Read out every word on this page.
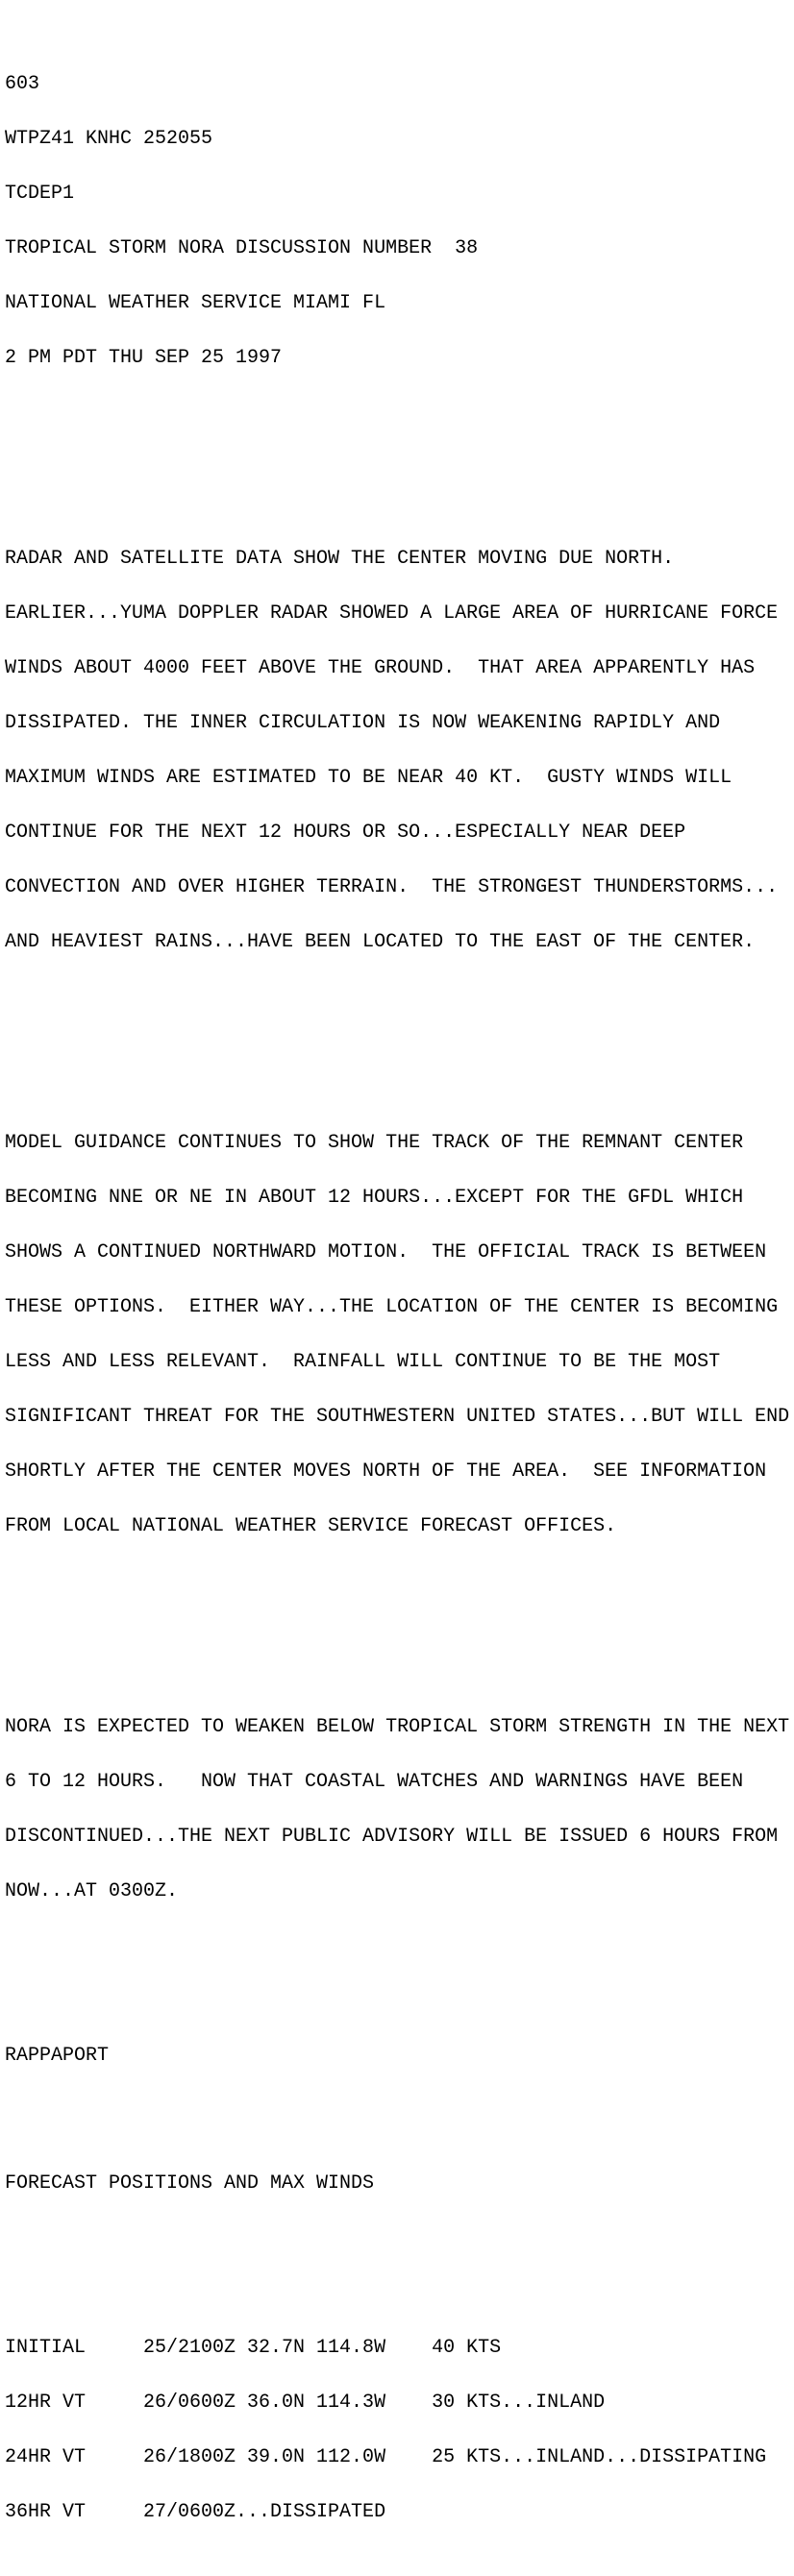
603

WTPZ41 KNHC 252055

TCDEP1

TROPICAL STORM NORA DISCUSSION NUMBER  38

NATIONAL WEATHER SERVICE MIAMI FL

2 PM PDT THU SEP 25 1997

RADAR AND SATELLITE DATA SHOW THE CENTER MOVING DUE NORTH.

EARLIER...YUMA DOPPLER RADAR SHOWED A LARGE AREA OF HURRICANE FORCE

WINDS ABOUT 4000 FEET ABOVE THE GROUND.  THAT AREA APPARENTLY HAS

DISSIPATED. THE INNER CIRCULATION IS NOW WEAKENING RAPIDLY AND

MAXIMUM WINDS ARE ESTIMATED TO BE NEAR 40 KT.  GUSTY WINDS WILL

CONTINUE FOR THE NEXT 12 HOURS OR SO...ESPECIALLY NEAR DEEP

CONVECTION AND OVER HIGHER TERRAIN.  THE STRONGEST THUNDERSTORMS...

AND HEAVIEST RAINS...HAVE BEEN LOCATED TO THE EAST OF THE CENTER.

MODEL GUIDANCE CONTINUES TO SHOW THE TRACK OF THE REMNANT CENTER

BECOMING NNE OR NE IN ABOUT 12 HOURS...EXCEPT FOR THE GFDL WHICH

SHOWS A CONTINUED NORTHWARD MOTION.  THE OFFICIAL TRACK IS BETWEEN

THESE OPTIONS.  EITHER WAY...THE LOCATION OF THE CENTER IS BECOMING

LESS AND LESS RELEVANT.  RAINFALL WILL CONTINUE TO BE THE MOST

SIGNIFICANT THREAT FOR THE SOUTHWESTERN UNITED STATES...BUT WILL END

SHORTLY AFTER THE CENTER MOVES NORTH OF THE AREA.  SEE INFORMATION

FROM LOCAL NATIONAL WEATHER SERVICE FORECAST OFFICES.

NORA IS EXPECTED TO WEAKEN BELOW TROPICAL STORM STRENGTH IN THE NEXT

6 TO 12 HOURS.   NOW THAT COASTAL WATCHES AND WARNINGS HAVE BEEN

DISCONTINUED...THE NEXT PUBLIC ADVISORY WILL BE ISSUED 6 HOURS FROM

NOW...AT 0300Z.

RAPPAPORT

FORECAST POSITIONS AND MAX WINDS

INITIAL     25/2100Z 32.7N 114.8W    40 KTS

12HR VT     26/0600Z 36.0N 114.3W    30 KTS...INLAND

24HR VT     26/1800Z 39.0N 112.0W    25 KTS...INLAND...DISSIPATING

36HR VT     27/0600Z...DISSIPATED
